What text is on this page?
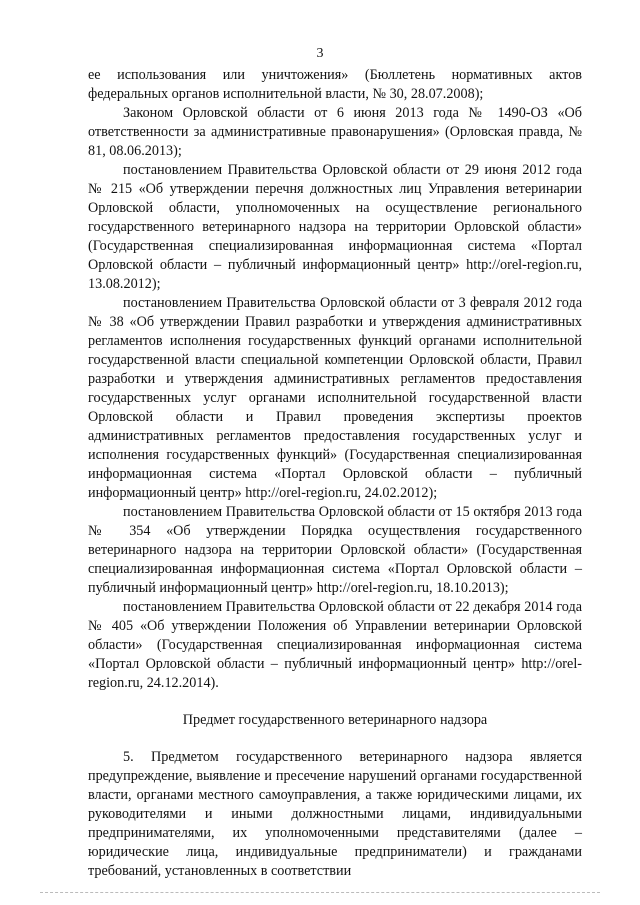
3

ее использования или уничтожения» (Бюллетень нормативных актов федеральных органов исполнительной власти, № 30, 28.07.2008);

Законом Орловской области от 6 июня 2013 года № 1490-ОЗ «Об ответственности за административные правонарушения» (Орловская правда, № 81, 08.06.2013);

постановлением Правительства Орловской области от 29 июня 2012 года № 215 «Об утверждении перечня должностных лиц Управления ветеринарии Орловской области, уполномоченных на осуществление регионального государственного ветеринарного надзора на территории Орловской области» (Государственная специализированная информационная система «Портал Орловской области – публичный информационный центр» http://orel-region.ru, 13.08.2012);

постановлением Правительства Орловской области от 3 февраля 2012 года № 38 «Об утверждении Правил разработки и утверждения административных регламентов исполнения государственных функций органами исполнительной государственной власти специальной компетенции Орловской области, Правил разработки и утверждения административных регламентов предоставления государственных услуг органами исполнительной государственной власти Орловской области и Правил проведения экспертизы проектов административных регламентов предоставления государственных услуг и исполнения государственных функций» (Государственная специализированная информационная система «Портал Орловской области – публичный информационный центр» http://orel-region.ru, 24.02.2012);

постановлением Правительства Орловской области от 15 октября 2013 года № 354 «Об утверждении Порядка осуществления государственного ветеринарного надзора на территории Орловской области» (Государственная специализированная информационная система «Портал Орловской области – публичный информационный центр» http://orel-region.ru, 18.10.2013);

постановлением Правительства Орловской области от 22 декабря 2014 года № 405 «Об утверждении Положения об Управлении ветеринарии Орловской области» (Государственная специализированная информационная система «Портал Орловской области – публичный информационный центр» http://orel-region.ru, 24.12.2014).

Предмет государственного ветеринарного надзора

5. Предметом государственного ветеринарного надзора является предупреждение, выявление и пресечение нарушений органами государственной власти, органами местного самоуправления, а также юридическими лицами, их руководителями и иными должностными лицами, индивидуальными предпринимателями, их уполномоченными представителями (далее – юридические лица, индивидуальные предприниматели) и гражданами требований, установленных в соответствии
